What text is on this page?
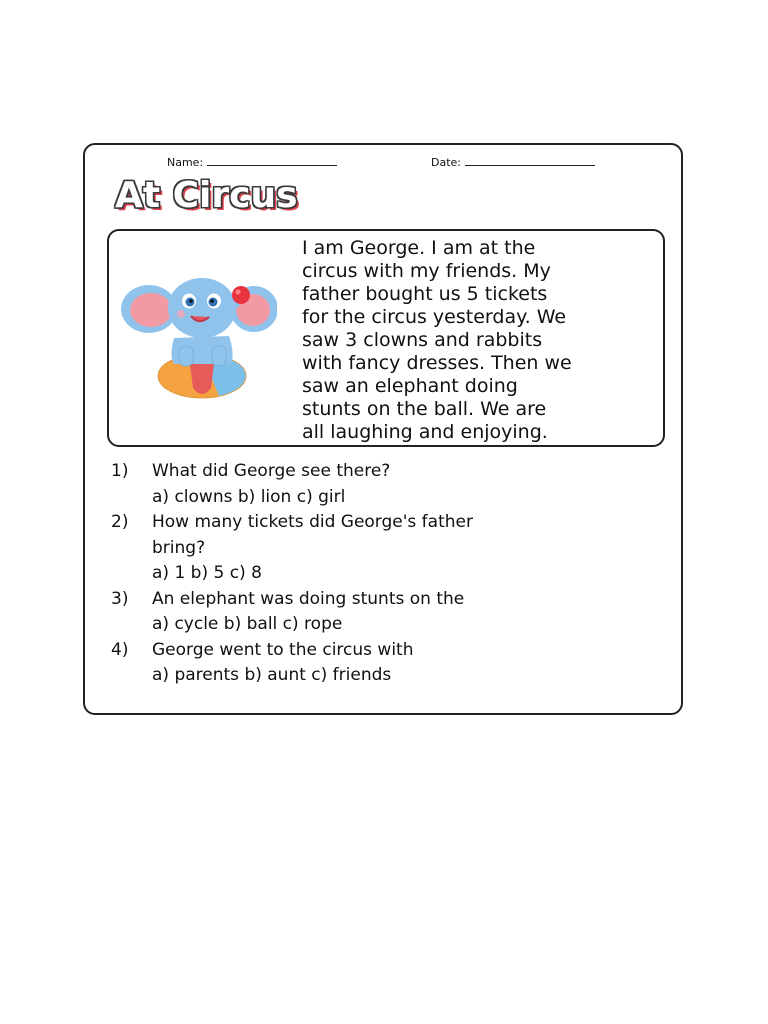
Name:	Date:
At Circus
I am George. I am at the
circus with my friends. My
father bought us 5 tickets
for the circus yesterday. We
saw 3 clowns and rabbits
with fancy dresses. Then we
saw an elephant doing
stunts on the ball. We are
all laughing and enjoying.
1) What did George see there?
a) clowns b) lion c) girl
2) How many tickets did George's father
bring?
a) 1 b) 5 c) 8
3) An elephant was doing stunts on the
a) cycle b) ball c) rope
4) George went to the circus with
a) parents b) aunt c) friends
